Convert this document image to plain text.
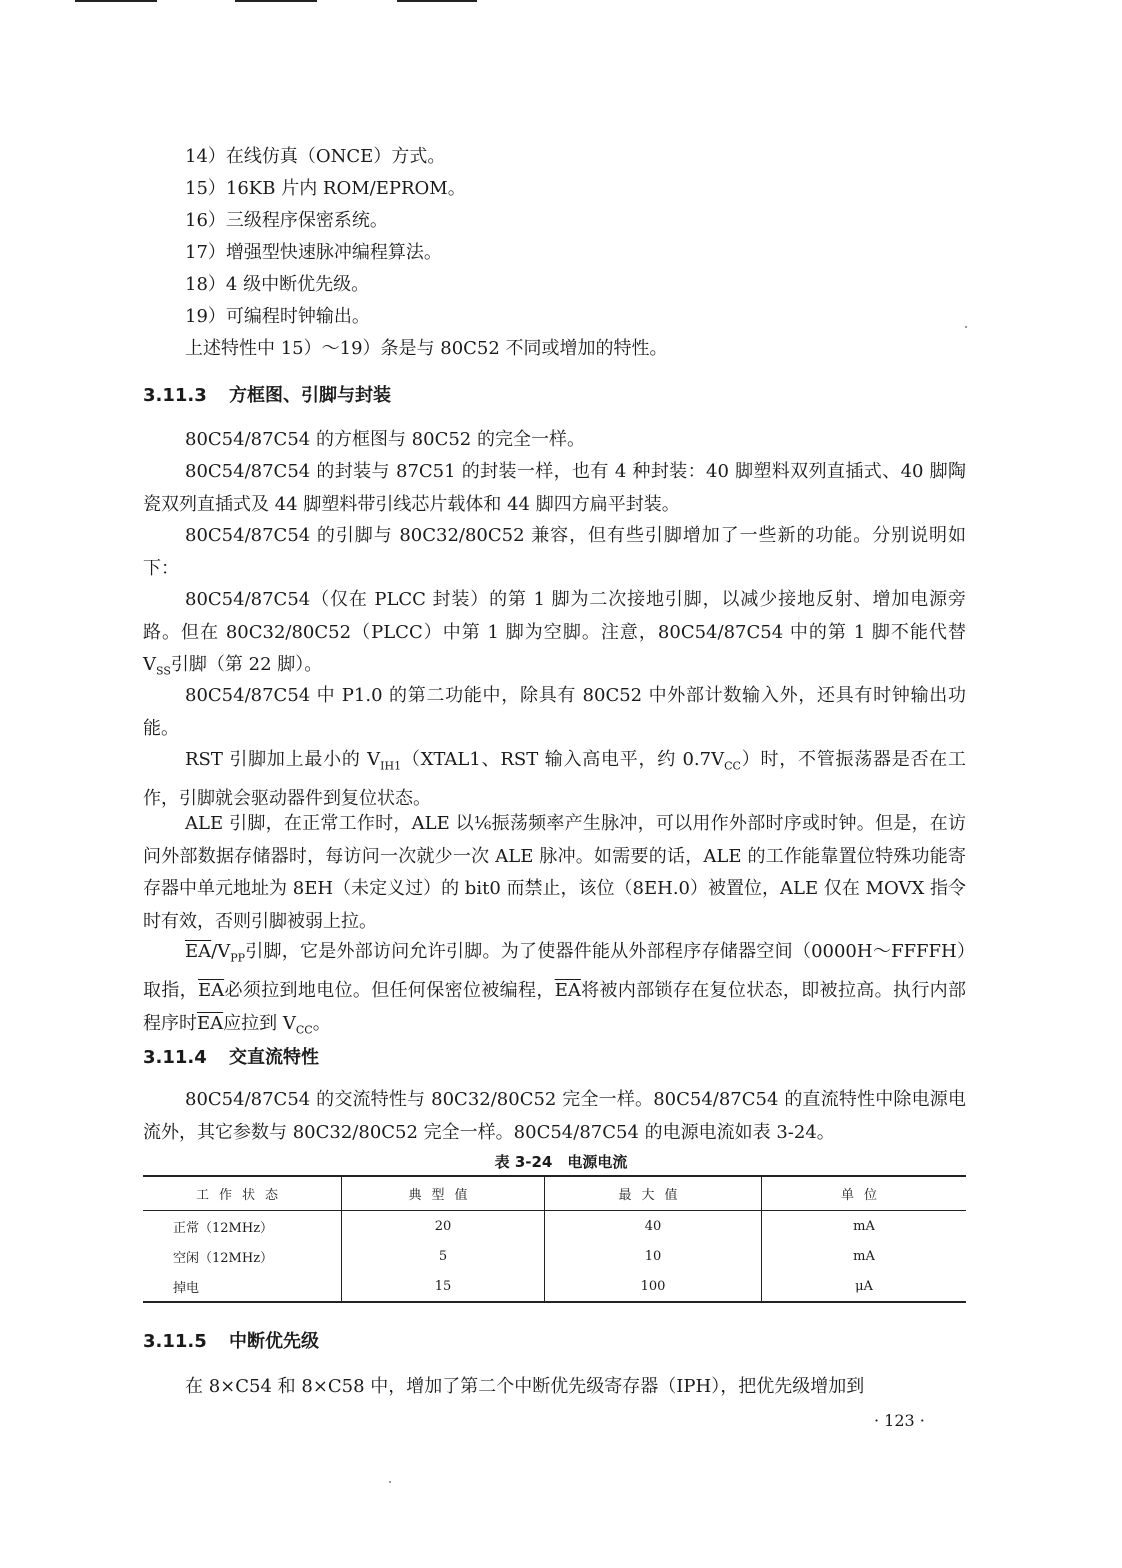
14）在线仿真（ONCE）方式。
15）16KB 片内 ROM/EPROM。
16）三级程序保密系统。
17）增强型快速脉冲编程算法。
18）4 级中断优先级。
19）可编程时钟输出。
上述特性中 15）～19）条是与 80C52 不同或增加的特性。
3.11.3 方框图、引脚与封装
80C54/87C54 的方框图与 80C52 的完全一样。
80C54/87C54 的封装与 87C51 的封装一样，也有 4 种封装：40 脚塑料双列直插式、40 脚陶瓷双列直插式及 44 脚塑料带引线芯片载体和 44 脚四方扁平封装。
80C54/87C54 的引脚与 80C32/80C52 兼容，但有些引脚增加了一些新的功能。分别说明如下：
80C54/87C54（仅在 PLCC 封装）的第 1 脚为二次接地引脚，以减少接地反射、增加电源旁路。但在 80C32/80C52（PLCC）中第 1 脚为空脚。注意，80C54/87C54 中的第 1 脚不能代替 $V_{SS}$引脚（第 22 脚）。
80C54/87C54 中 P1.0 的第二功能中，除具有 80C52 中外部计数输入外，还具有时钟输出功能。
RST 引脚加上最小的 $V_{IH1}(XTAL1$、RST 输入高电平，约 $0.7V_{CC}$）时，不管振荡器是否在工作，引脚就会驱动器件到复位状态。
ALE 引脚，在正常工作时，ALE 以⅙振荡频率产生脉冲，可以用作外部时序或时钟。但是，在访问外部数据存储器时，每访问一次就少一次 ALE 脉冲。如需要的话，ALE 的工作能靠置位特殊功能寄存器中单元地址为 8EH（未定义过）的 bit0 而禁止，该位（8EH.0）被置位，ALE 仅在 MOVX 指令时有效，否则引脚被弱上拉。
$\overline{EA}/V_{PP}$引脚，它是外部访问允许引脚。为了使器件能从外部程序存储器空间（0000H～FFFFH）取指，$\overline{EA}$必须拉到地电位。但任何保密位被编程，$\overline{EA}$将被内部锁存在复位状态，即被拉高。执行内部程序时$\overline{EA}$应拉到 $V_{CC}$。
3.11.4 交直流特性
80C54/87C54 的交流特性与 80C32/80C52 完全一样。80C54/87C54 的直流特性中除电源电流外，其它参数与 80C32/80C52 完全一样。80C54/87C54 的电源电流如表 3-24。
表 3-24　电源电流
工作状态	典型值	最大值	单位
正常（12MHz）	20	40	mA
空闲（12MHz）	5	10	mA
掉电	15	100	μA
3.11.5 中断优先级
在 8×C54 和 8×C58 中，增加了第二个中断优先级寄存器（IPH），把优先级增加到
· 123 ·
